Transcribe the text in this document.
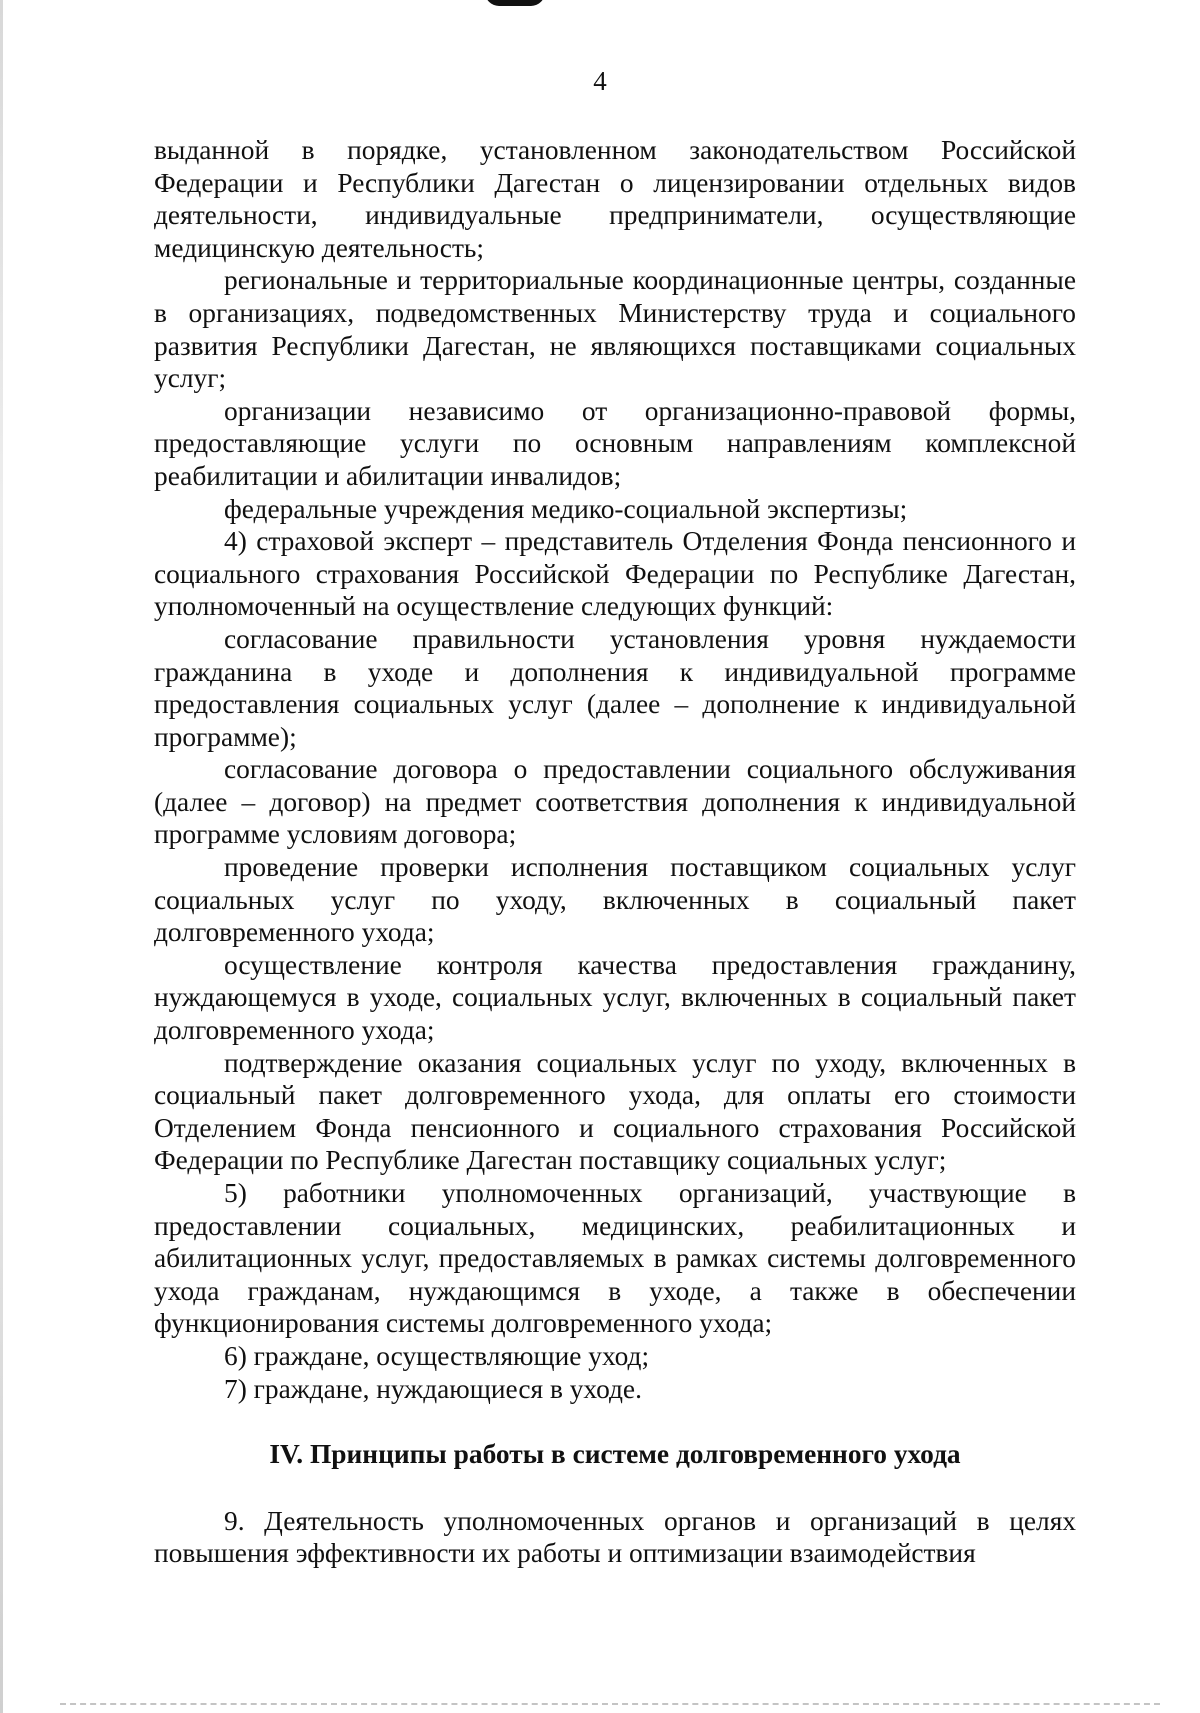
4

выданной в порядке, установленном законодательством Российской Федерации и Республики Дагестан о лицензировании отдельных видов деятельности, индивидуальные предприниматели, осуществляющие медицинскую деятельность;

региональные и территориальные координационные центры, созданные в организациях, подведомственных Министерству труда и социального развития Республики Дагестан, не являющихся поставщиками социальных услуг;

организации независимо от организационно-правовой формы, предоставляющие услуги по основным направлениям комплексной реабилитации и абилитации инвалидов;

федеральные учреждения медико-социальной экспертизы;

4) страховой эксперт – представитель Отделения Фонда пенсионного и социального страхования Российской Федерации по Республике Дагестан, уполномоченный на осуществление следующих функций:

согласование правильности установления уровня нуждаемости гражданина в уходе и дополнения к индивидуальной программе предоставления социальных услуг (далее – дополнение к индивидуальной программе);

согласование договора о предоставлении социального обслуживания (далее – договор) на предмет соответствия дополнения к индивидуальной программе условиям договора;

проведение проверки исполнения поставщиком социальных услуг социальных услуг по уходу, включенных в социальный пакет долговременного ухода;

осуществление контроля качества предоставления гражданину, нуждающемуся в уходе, социальных услуг, включенных в социальный пакет долговременного ухода;

подтверждение оказания социальных услуг по уходу, включенных в социальный пакет долговременного ухода, для оплаты его стоимости Отделением Фонда пенсионного и социального страхования Российской Федерации по Республике Дагестан поставщику социальных услуг;

5) работники уполномоченных организаций, участвующие в предоставлении социальных, медицинских, реабилитационных и абилитационных услуг, предоставляемых в рамках системы долговременного ухода гражданам, нуждающимся в уходе, а также в обеспечении функционирования системы долговременного ухода;

6) граждане, осуществляющие уход;

7) граждане, нуждающиеся в уходе.

IV. Принципы работы в системе долговременного ухода

9. Деятельность уполномоченных органов и организаций в целях повышения эффективности их работы и оптимизации взаимодействия
